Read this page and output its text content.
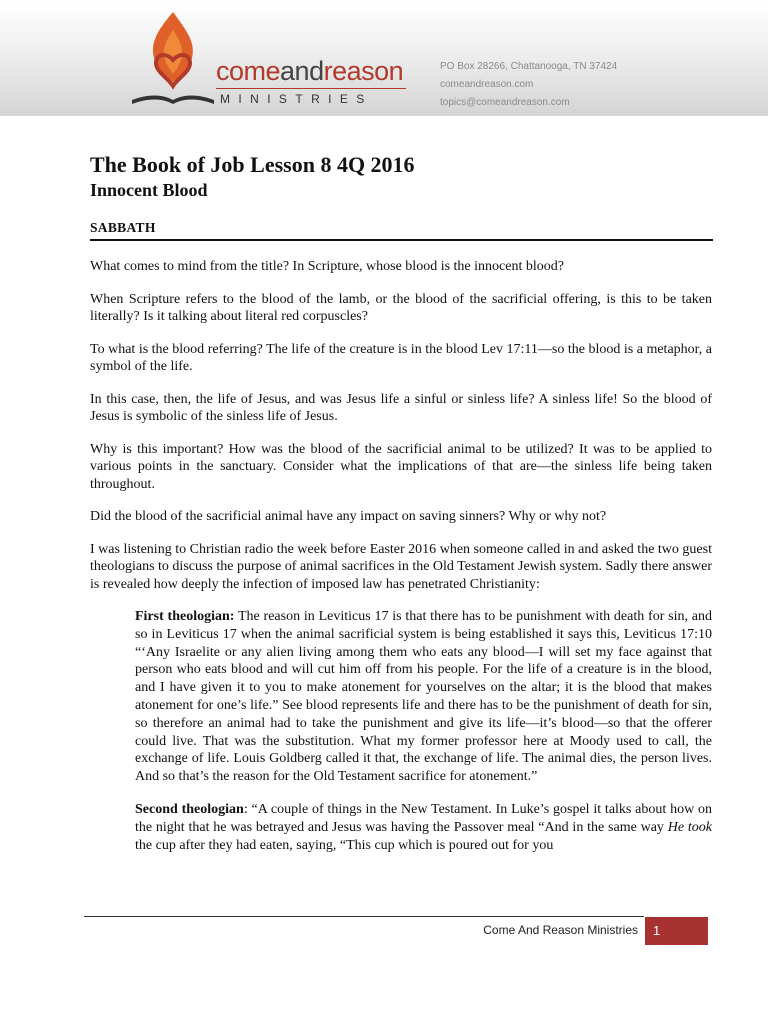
comeandreason
MINISTRIES
PO Box 28266, Chattanooga, TN 37424
comeandreason.com
topics@comeandreason.com
The Book of Job Lesson 8 4Q 2016
Innocent Blood
SABBATH

What comes to mind from the title? In Scripture, whose blood is the innocent blood?

When Scripture refers to the blood of the lamb, or the blood of the sacrificial offering, is this to be taken literally? Is it talking about literal red corpuscles?

To what is the blood referring? The life of the creature is in the blood Lev 17:11—so the blood is a metaphor, a symbol of the life.

In this case, then, the life of Jesus, and was Jesus life a sinful or sinless life? A sinless life! So the blood of Jesus is symbolic of the sinless life of Jesus.

Why is this important? How was the blood of the sacrificial animal to be utilized? It was to be applied to various points in the sanctuary. Consider what the implications of that are—the sinless life being taken throughout.

Did the blood of the sacrificial animal have any impact on saving sinners? Why or why not?

I was listening to Christian radio the week before Easter 2016 when someone called in and asked the two guest theologians to discuss the purpose of animal sacrifices in the Old Testament Jewish system. Sadly there answer is revealed how deeply the infection of imposed law has penetrated Christianity:

First theologian: The reason in Leviticus 17 is that there has to be punishment with death for sin, and so in Leviticus 17 when the animal sacrificial system is being established it says this, Leviticus 17:10 “‘Any Israelite or any alien living among them who eats any blood—I will set my face against that person who eats blood and will cut him off from his people. For the life of a creature is in the blood, and I have given it to you to make atonement for yourselves on the altar; it is the blood that makes atonement for one’s life.” See blood represents life and there has to be the punishment of death for sin, so therefore an animal had to take the punishment and give its life—it’s blood—so that the offerer could live. That was the substitution. What my former professor here at Moody used to call, the exchange of life. Louis Goldberg called it that, the exchange of life. The animal dies, the person lives. And so that’s the reason for the Old Testament sacrifice for atonement.”

Second theologian: “A couple of things in the New Testament. In Luke’s gospel it talks about how on the night that he was betrayed and Jesus was having the Passover meal “And in the same way He took the cup after they had eaten, saying, “This cup which is poured out for you

Come And Reason Ministries	1
